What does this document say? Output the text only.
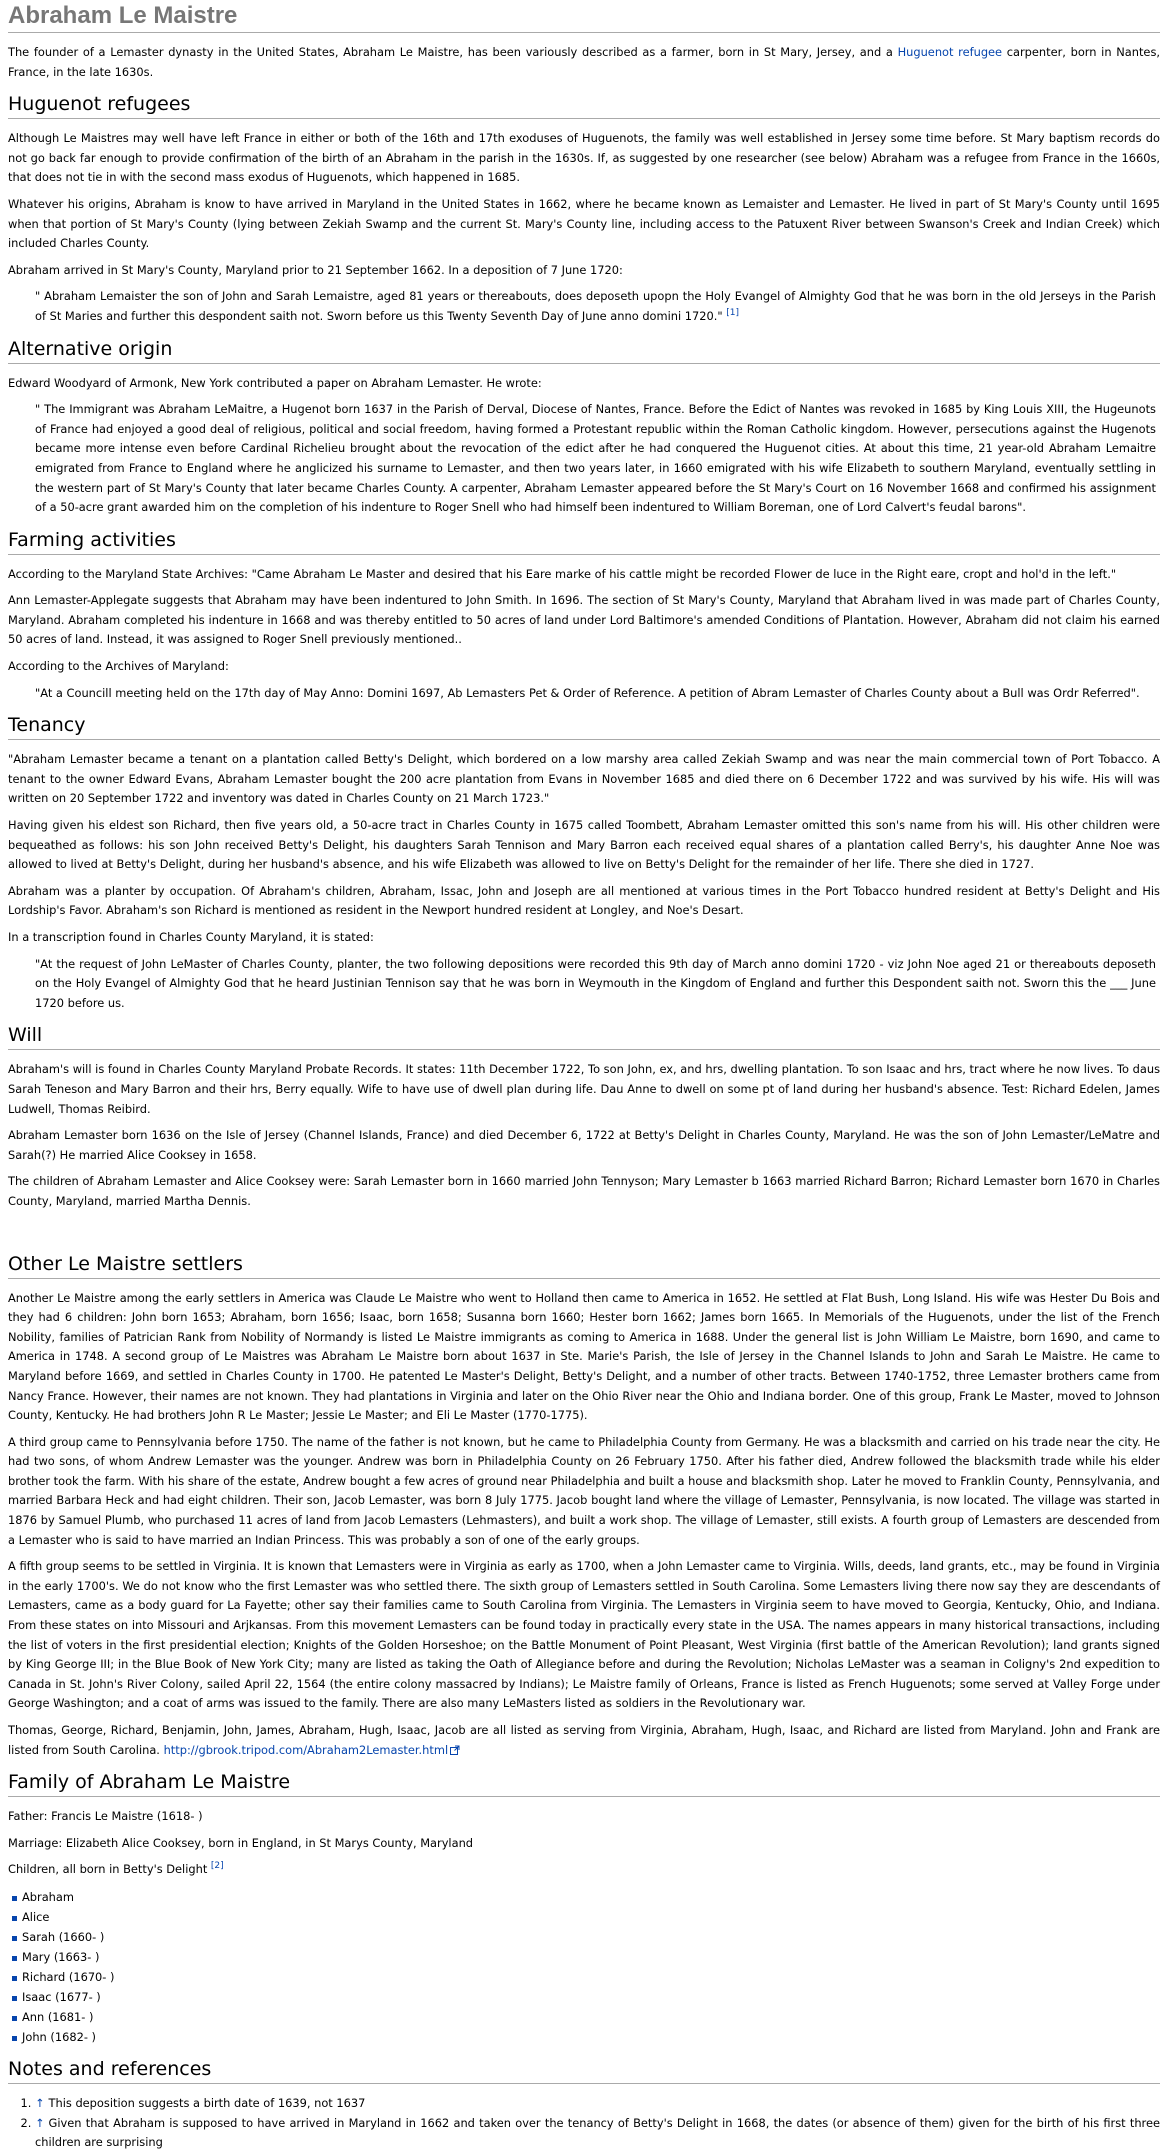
Abraham Le Maistre

The founder of a Lemaster dynasty in the United States, Abraham Le Maistre, has been variously described as a farmer, born in St Mary, Jersey, and a Huguenot refugee carpenter, born in Nantes, France, in the late 1630s.

Huguenot refugees

Although Le Maistres may well have left France in either or both of the 16th and 17th exoduses of Huguenots, the family was well established in Jersey some time before. St Mary baptism records do not go back far enough to provide confirmation of the birth of an Abraham in the parish in the 1630s. If, as suggested by one researcher (see below) Abraham was a refugee from France in the 1660s, that does not tie in with the second mass exodus of Huguenots, which happened in 1685.

Whatever his origins, Abraham is know to have arrived in Maryland in the United States in 1662, where he became known as Lemaister and Lemaster. He lived in part of St Mary's County until 1695 when that portion of St Mary's County (lying between Zekiah Swamp and the current St. Mary's County line, including access to the Patuxent River between Swanson's Creek and Indian Creek) which included Charles County.

Abraham arrived in St Mary's County, Maryland prior to 21 September 1662. In a deposition of 7 June 1720:

" Abraham Lemaister the son of John and Sarah Lemaistre, aged 81 years or thereabouts, does deposeth upopn the Holy Evangel of Almighty God that he was born in the old Jerseys in the Parish of St Maries and further this despondent saith not. Sworn before us this Twenty Seventh Day of June anno domini 1720." [1]
Alternative origin

Edward Woodyard of Armonk, New York contributed a paper on Abraham Lemaster. He wrote:

" The Immigrant was Abraham LeMaitre, a Hugenot born 1637 in the Parish of Derval, Diocese of Nantes, France. Before the Edict of Nantes was revoked in 1685 by King Louis XIII, the Hugeunots of France had enjoyed a good deal of religious, political and social freedom, having formed a Protestant republic within the Roman Catholic kingdom. However, persecutions against the Hugenots became more intense even before Cardinal Richelieu brought about the revocation of the edict after he had conquered the Huguenot cities. At about this time, 21 year-old Abraham Lemaitre emigrated from France to England where he anglicized his surname to Lemaster, and then two years later, in 1660 emigrated with his wife Elizabeth to southern Maryland, eventually settling in the western part of St Mary's County that later became Charles County. A carpenter, Abraham Lemaster appeared before the St Mary's Court on 16 November 1668 and confirmed his assignment of a 50-acre grant awarded him on the completion of his indenture to Roger Snell who had himself been indentured to William Boreman, one of Lord Calvert's feudal barons".
Farming activities

According to the Maryland State Archives: "Came Abraham Le Master and desired that his Eare marke of his cattle might be recorded Flower de luce in the Right eare, cropt and hol'd in the left."

Ann Lemaster-Applegate suggests that Abraham may have been indentured to John Smith. In 1696. The section of St Mary's County, Maryland that Abraham lived in was made part of Charles County, Maryland. Abraham completed his indenture in 1668 and was thereby entitled to 50 acres of land under Lord Baltimore's amended Conditions of Plantation. However, Abraham did not claim his earned 50 acres of land. Instead, it was assigned to Roger Snell previously mentioned..

According to the Archives of Maryland:

"At a Councill meeting held on the 17th day of May Anno: Domini 1697, Ab Lemasters Pet & Order of Reference. A petition of Abram Lemaster of Charles County about a Bull was Ordr Referred".
Tenancy

"Abraham Lemaster became a tenant on a plantation called Betty's Delight, which bordered on a low marshy area called Zekiah Swamp and was near the main commercial town of Port Tobacco. A tenant to the owner Edward Evans, Abraham Lemaster bought the 200 acre plantation from Evans in November 1685 and died there on 6 December 1722 and was survived by his wife. His will was written on 20 September 1722 and inventory was dated in Charles County on 21 March 1723."

Having given his eldest son Richard, then five years old, a 50-acre tract in Charles County in 1675 called Toombett, Abraham Lemaster omitted this son's name from his will. His other children were bequeathed as follows: his son John received Betty's Delight, his daughters Sarah Tennison and Mary Barron each received equal shares of a plantation called Berry's, his daughter Anne Noe was allowed to lived at Betty's Delight, during her husband's absence, and his wife Elizabeth was allowed to live on Betty's Delight for the remainder of her life. There she died in 1727.

Abraham was a planter by occupation. Of Abraham's children, Abraham, Issac, John and Joseph are all mentioned at various times in the Port Tobacco hundred resident at Betty's Delight and His Lordship's Favor. Abraham's son Richard is mentioned as resident in the Newport hundred resident at Longley, and Noe's Desart.

In a transcription found in Charles County Maryland, it is stated:

"At the request of John LeMaster of Charles County, planter, the two following depositions were recorded this 9th day of March anno domini 1720 - viz John Noe aged 21 or thereabouts deposeth on the Holy Evangel of Almighty God that he heard Justinian Tennison say that he was born in Weymouth in the Kingdom of England and further this Despondent saith not. Sworn this the ___ June 1720 before us.
Will

Abraham's will is found in Charles County Maryland Probate Records. It states: 11th December 1722, To son John, ex, and hrs, dwelling plantation. To son Isaac and hrs, tract where he now lives. To daus Sarah Teneson and Mary Barron and their hrs, Berry equally. Wife to have use of dwell plan during life. Dau Anne to dwell on some pt of land during her husband's absence. Test: Richard Edelen, James Ludwell, Thomas Reibird.

Abraham Lemaster born 1636 on the Isle of Jersey (Channel Islands, France) and died December 6, 1722 at Betty's Delight in Charles County, Maryland. He was the son of John Lemaster/LeMatre and Sarah(?) He married Alice Cooksey in 1658.

The children of Abraham Lemaster and Alice Cooksey were: Sarah Lemaster born in 1660 married John Tennyson; Mary Lemaster b 1663 married Richard Barron; Richard Lemaster born 1670 in Charles County, Maryland, married Martha Dennis.

Other Le Maistre settlers

Another Le Maistre among the early settlers in America was Claude Le Maistre who went to Holland then came to America in 1652. He settled at Flat Bush, Long Island. His wife was Hester Du Bois and they had 6 children: John born 1653; Abraham, born 1656; Isaac, born 1658; Susanna born 1660; Hester born 1662; James born 1665. In Memorials of the Huguenots, under the list of the French Nobility, families of Patrician Rank from Nobility of Normandy is listed Le Maistre immigrants as coming to America in 1688. Under the general list is John William Le Maistre, born 1690, and came to America in 1748. A second group of Le Maistres was Abraham Le Maistre born about 1637 in Ste. Marie's Parish, the Isle of Jersey in the Channel Islands to John and Sarah Le Maistre. He came to Maryland before 1669, and settled in Charles County in 1700. He patented Le Master's Delight, Betty's Delight, and a number of other tracts. Between 1740-1752, three Lemaster brothers came from Nancy France. However, their names are not known. They had plantations in Virginia and later on the Ohio River near the Ohio and Indiana border. One of this group, Frank Le Master, moved to Johnson County, Kentucky. He had brothers John R Le Master; Jessie Le Master; and Eli Le Master (1770-1775).

A third group came to Pennsylvania before 1750. The name of the father is not known, but he came to Philadelphia County from Germany. He was a blacksmith and carried on his trade near the city. He had two sons, of whom Andrew Lemaster was the younger. Andrew was born in Philadelphia County on 26 February 1750. After his father died, Andrew followed the blacksmith trade while his elder brother took the farm. With his share of the estate, Andrew bought a few acres of ground near Philadelphia and built a house and blacksmith shop. Later he moved to Franklin County, Pennsylvania, and married Barbara Heck and had eight children. Their son, Jacob Lemaster, was born 8 July 1775. Jacob bought land where the village of Lemaster, Pennsylvania, is now located. The village was started in 1876 by Samuel Plumb, who purchased 11 acres of land from Jacob Lemasters (Lehmasters), and built a work shop. The village of Lemaster, still exists. A fourth group of Lemasters are descended from a Lemaster who is said to have married an Indian Princess. This was probably a son of one of the early groups.

A fifth group seems to be settled in Virginia. It is known that Lemasters were in Virginia as early as 1700, when a John Lemaster came to Virginia. Wills, deeds, land grants, etc., may be found in Virginia in the early 1700's. We do not know who the first Lemaster was who settled there. The sixth group of Lemasters settled in South Carolina. Some Lemasters living there now say they are descendants of Lemasters, came as a body guard for La Fayette; other say their families came to South Carolina from Virginia. The Lemasters in Virginia seem to have moved to Georgia, Kentucky, Ohio, and Indiana. From these states on into Missouri and Arjkansas. From this movement Lemasters can be found today in practically every state in the USA. The names appears in many historical transactions, including the list of voters in the first presidential election; Knights of the Golden Horseshoe; on the Battle Monument of Point Pleasant, West Virginia (first battle of the American Revolution); land grants signed by King George III; in the Blue Book of New York City; many are listed as taking the Oath of Allegiance before and during the Revolution; Nicholas LeMaster was a seaman in Coligny's 2nd expedition to Canada in St. John's River Colony, sailed April 22, 1564 (the entire colony massacred by Indians); Le Maistre family of Orleans, France is listed as French Huguenots; some served at Valley Forge under George Washington; and a coat of arms was issued to the family. There are also many LeMasters listed as soldiers in the Revolutionary war.

Thomas, George, Richard, Benjamin, John, James, Abraham, Hugh, Isaac, Jacob are all listed as serving from Virginia, Abraham, Hugh, Isaac, and Richard are listed from Maryland. John and Frank are listed from South Carolina. http://gbrook.tripod.com/Abraham2Lemaster.html

Family of Abraham Le Maistre

Father: Francis Le Maistre (1618- )

Marriage: Elizabeth Alice Cooksey, born in England, in St Marys County, Maryland

Children, all born in Betty's Delight [2]

Abraham
Alice
Sarah (1660- )
Mary (1663- )
Richard (1670- )
Isaac (1677- )
Ann (1681- )
John (1682- )
Notes and references
1. ↑ This deposition suggests a birth date of 1639, not 1637
2. ↑ Given that Abraham is supposed to have arrived in Maryland in 1662 and taken over the tenancy of Betty's Delight in 1668, the dates (or absence of them) given for the birth of his first three children are surprising
